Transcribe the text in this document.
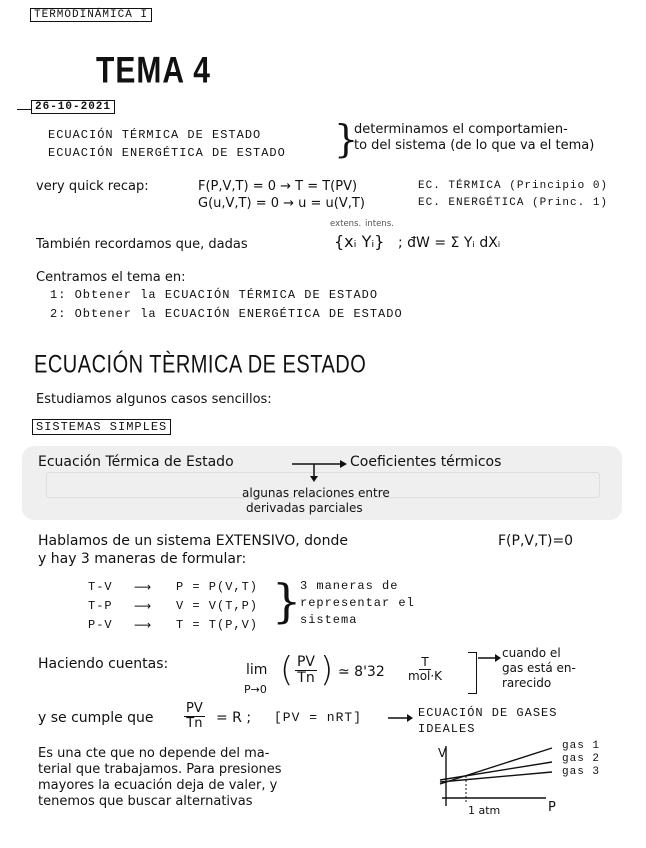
TERMODINÁMICA I
TEMA 4
26-10-2021
ECUACIÓN TÉRMICA DE ESTADO
ECUACIÓN ENERGÉTICA DE ESTADO }
determinamos el comportamien-
to del sistema (de lo que va el tema)
very quick recap:	F(P,V,T) = 0 → T = T(PV)
G(u,V,T) = 0 → u = u(V,T)
EC. TÉRMICA (Principio 0)
EC. ENERGÉTICA (Princ. 1)
También recordamos que, dadas
extens. intens.
{xᵢ Yᵢ} ; đW = Σ Yᵢ dXᵢ
Centramos el tema en:
1: Obtener la ECUACIÓN TÉRMICA DE ESTADO
2: Obtener la ECUACIÓN ENERGÉTICA DE ESTADO
ECUACIÓN TÈRMICA DE ESTADO
Estudiamos algunos casos sencillos:
SISTEMAS SIMPLES
Ecuación Térmica de Estado	Coeficientes térmicos
algunas relaciones entre
derivadas parciales
Hablamos de un sistema EXTENSIVO, donde	F(P,V,T)=0
y hay 3 maneras de formular:
T-V ⟶ P = P(V,T)
T-P ⟶ V = V(T,P)
P-V ⟶ T = T(P,V) }
3 maneras de
representar el
sistema
Haciendo cuentas:	lim
P→0 ( $\frac{PV}{Tn}$ ) ≃ $8'32 \frac{T}{\text{mol·K}}$
cuando el
gas está en-
rarecido
y se cumple que $\frac{PV}{Tn} = R$ ; [PV = nRT]	ECUACIÓN DE GASES
IDEALES
Es una cte que no depende del ma-
terial que trabajamos. Para presiones
mayores la ecuación deja de valer, y
tenemos que buscar alternativas
V
P
1 atm
gas 1
gas 2
gas 3
